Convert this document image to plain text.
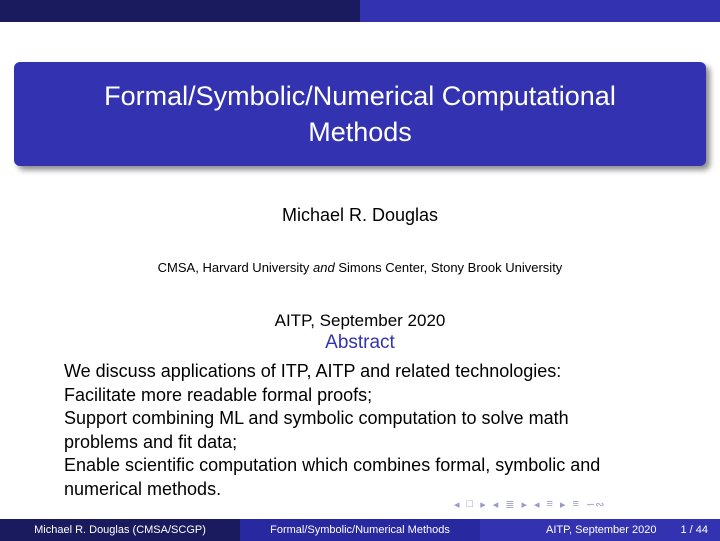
Formal/Symbolic/Numerical Computational Methods
Michael R. Douglas
CMSA, Harvard University and Simons Center, Stony Brook University
AITP, September 2020
Abstract
We discuss applications of ITP, AITP and related technologies:
Facilitate more readable formal proofs;
Support combining ML and symbolic computation to solve math
problems and fit data;
Enable scientific computation which combines formal, symbolic and
numerical methods.
◂ □ ▸ ◂ ≣ ▸ ◂ ≡ ▸ ≡ ∽∾
Michael R. Douglas (CMSA/SCGP)	Formal/Symbolic/Numerical Methods	AITP, September 2020 1 / 44
